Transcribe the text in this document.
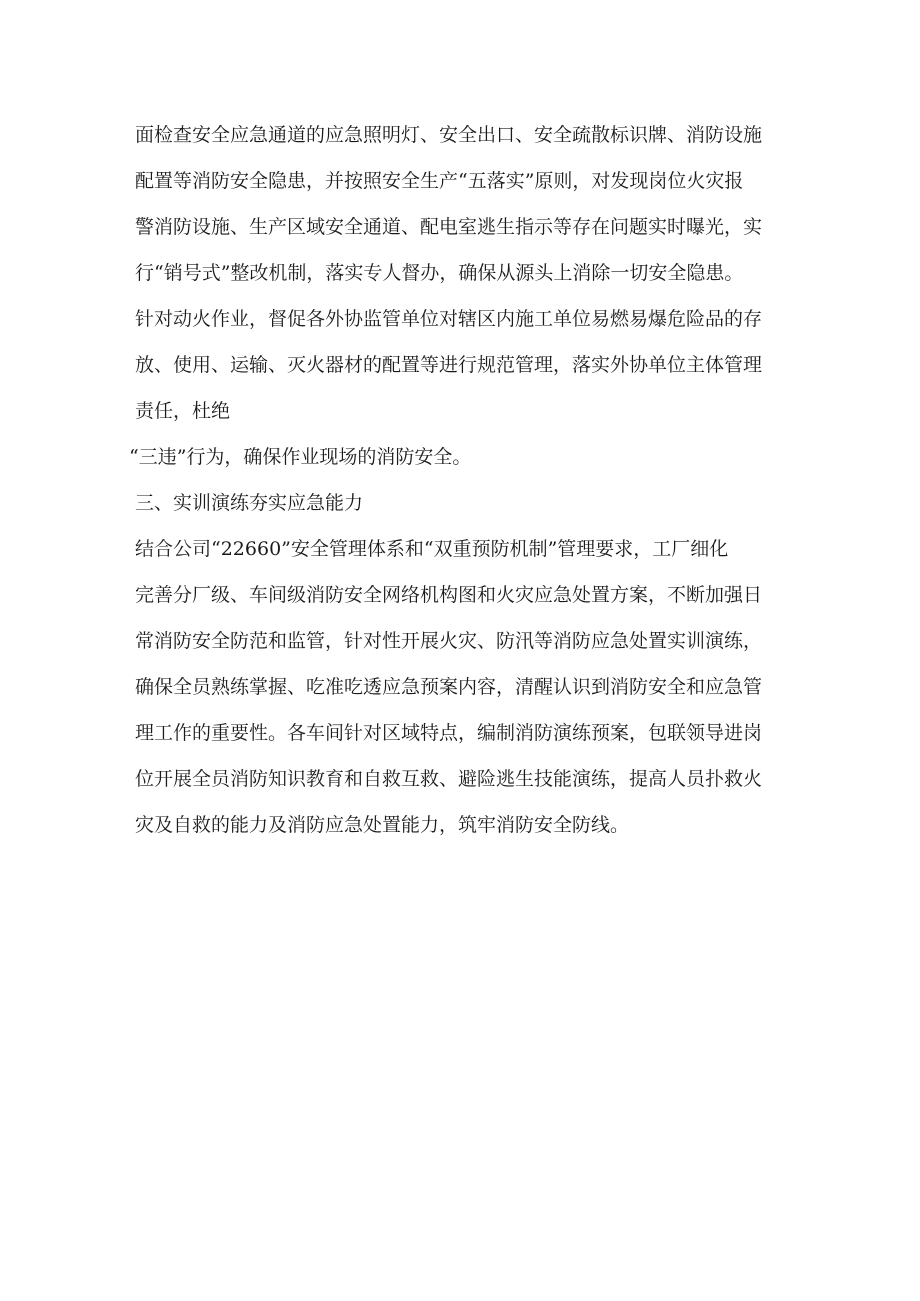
面检查安全应急通道的应急照明灯、安全出口、安全疏散标识牌、消防设施
配置等消防安全隐患，并按照安全生产“五落实”原则，对发现岗位火灾报
警消防设施、生产区域安全通道、配电室逃生指示等存在问题实时曝光，实
行“销号式”整改机制，落实专人督办，确保从源头上消除一切安全隐患。
针对动火作业，督促各外协监管单位对辖区内施工单位易燃易爆危险品的存
放、使用、运输、灭火器材的配置等进行规范管理，落实外协单位主体管理
责任，杜绝
“三违”行为，确保作业现场的消防安全。
三、实训演练夯实应急能力
结合公司“22660”安全管理体系和“双重预防机制”管理要求，工厂细化
完善分厂级、车间级消防安全网络机构图和火灾应急处置方案，不断加强日
常消防安全防范和监管，针对性开展火灾、防汛等消防应急处置实训演练，
确保全员熟练掌握、吃准吃透应急预案内容，清醒认识到消防安全和应急管
理工作的重要性。各车间针对区域特点，编制消防演练预案，包联领导进岗
位开展全员消防知识教育和自救互救、避险逃生技能演练，提高人员扑救火
灾及自救的能力及消防应急处置能力，筑牢消防安全防线。
